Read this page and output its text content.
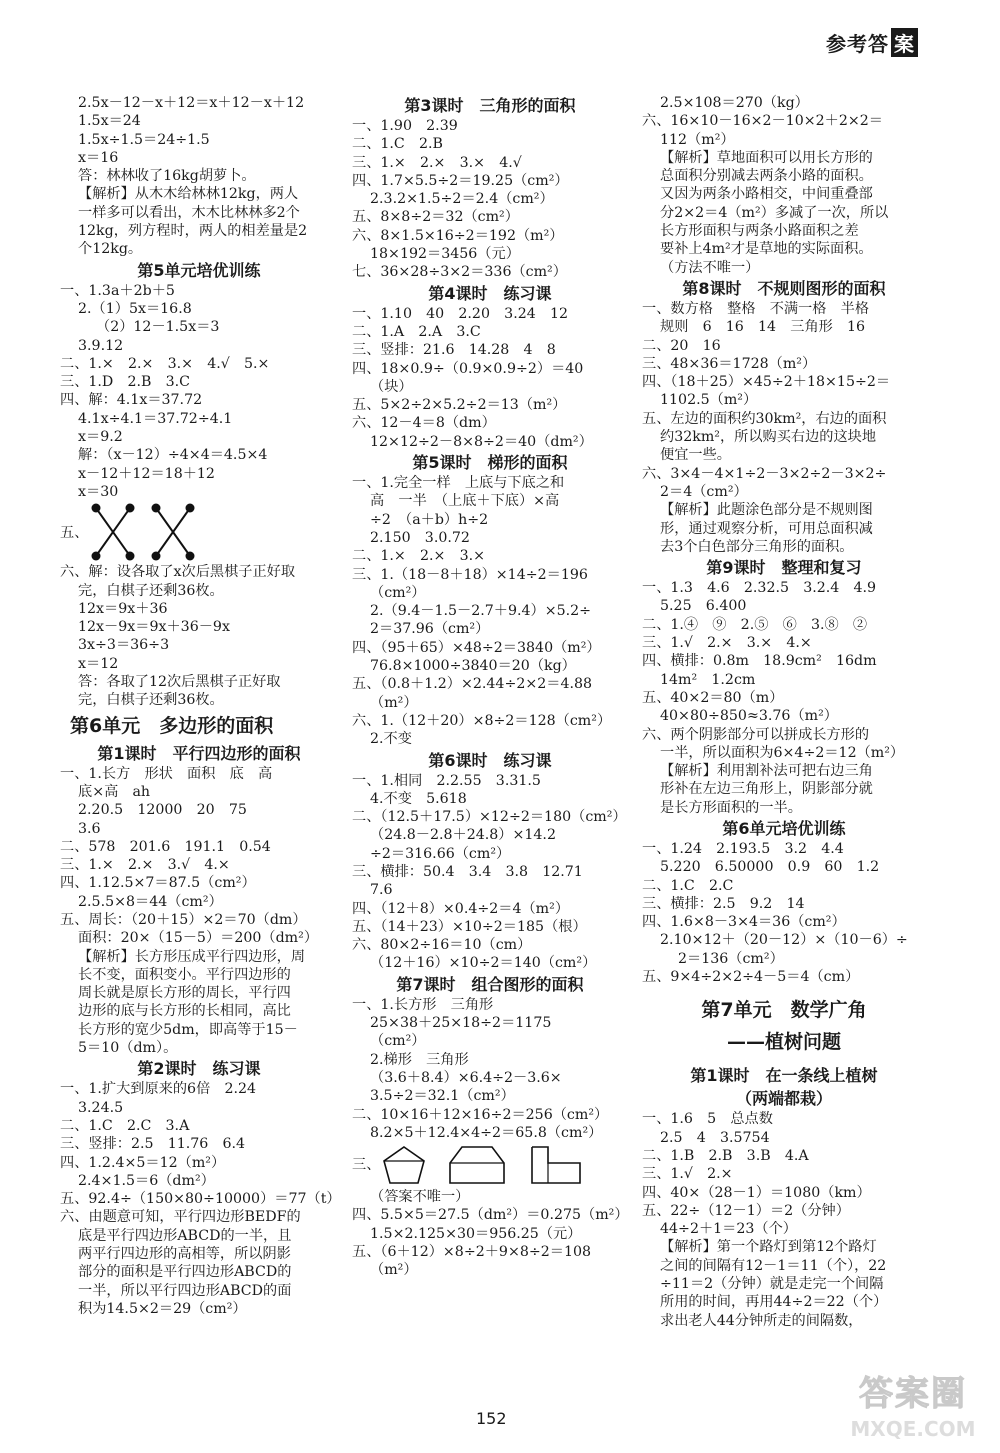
参考答 案
2.5x－12－x＋12＝x＋12－x＋12
1.5x＝24
1.5x÷1.5＝24÷1.5
x＝16
答：林林收了16kg胡萝卜。
【解析】从木木给林林12kg，两人
一样多可以看出，木木比林林多2个
12kg，列方程时，两人的相差量是2
个12kg。
第5单元培优训练
一、1.3a＋2b＋5
2.（1）5x＝16.8
（2）12－1.5x＝3
3.9.12
二、1.×　2.×　3.×　4.√　5.×
三、1.D　2.B　3.C
四、解：4.1x＝37.72
4.1x÷4.1＝37.72÷4.1
x＝9.2
解：（x－12）÷4×4＝4.5×4
x－12＋12＝18＋12
x＝30
五、
六、解：设各取了x次后黑棋子正好取
完，白棋子还剩36枚。
12x＝9x＋36
12x－9x＝9x＋36－9x
3x÷3＝36÷3
x＝12
答：各取了12次后黑棋子正好取
完，白棋子还剩36枚。
第6单元　多边形的面积
第1课时　平行四边形的面积
一、1.长方　形状　面积　底　高
底×高　ah
2.20.5　12000　20　75
3.6
二、578　201.6　191.1　0.54
三、1.×　2.×　3.√　4.×
四、1.12.5×7＝87.5（cm²）
2.5.5×8＝44（cm²）
五、周长：（20＋15）×2＝70（dm）
面积：20×（15－5）＝200（dm²）
【解析】长方形压成平行四边形，周
长不变，面积变小。平行四边形的
周长就是原长方形的周长，平行四
边形的底与长方形的长相同，高比
长方形的宽少5dm，即高等于15－
5＝10（dm）。
第2课时　练习课
一、1.扩大到原来的6倍　2.24
3.24.5
二、1.C　2.C　3.A
三、竖排：2.5　11.76　6.4
四、1.2.4×5＝12（m²）
2.4×1.5＝6（dm²）
五、92.4÷（150×80÷10000）＝77（t）
六、由题意可知，平行四边形BEDF的
底是平行四边形ABCD的一半，且
两平行四边形的高相等，所以阴影
部分的面积是平行四边形ABCD的
一半，所以平行四边形ABCD的面
积为14.5×2＝29（cm²）
第3课时　三角形的面积
一、1.90　2.39
二、1.C　2.B
三、1.×　2.×　3.×　4.√
四、1.7×5.5÷2＝19.25（cm²）
2.3.2×1.5÷2＝2.4（cm²）
五、8×8÷2＝32（cm²）
六、8×1.5×16÷2＝192（m²）
18×192＝3456（元）
七、36×28÷3×2＝336（cm²）
第4课时　练习课
一、1.10　40　2.20　3.24　12
二、1.A　2.A　3.C
三、竖排：21.6　14.28　4　8
四、18×0.9÷（0.9×0.9÷2）＝40
（块）
五、5×2÷2×5.2÷2＝13（m²）
六、12－4＝8（dm）
12×12÷2－8×8÷2＝40（dm²）
第5课时　梯形的面积
一、1.完全一样　上底与下底之和
高　一半　（上底＋下底）×高
÷2　（a＋b）h÷2
2.150　3.0.72
二、1.×　2.×　3.×
三、1.（18－8＋18）×14÷2＝196
（cm²）
2.（9.4－1.5－2.7＋9.4）×5.2÷
2＝37.96（cm²）
四、（95＋65）×48÷2＝3840（m²）
76.8×1000÷3840＝20（kg）
五、（0.8＋1.2）×2.44÷2×2＝4.88
（m²）
六、1.（12＋20）×8÷2＝128（cm²）
2.不变
第6课时　练习课
一、1.相同　2.2.55　3.31.5
4.不变　5.618
二、（12.5＋17.5）×12÷2＝180（cm²）
（24.8－2.8＋24.8）×14.2
÷2＝316.66（cm²）
三、横排：50.4　3.4　3.8　12.71
7.6
四、（12＋8）×0.4÷2＝4（m²）
五、（14＋23）×10÷2＝185（根）
六、80×2÷16＝10（cm）
（12＋16）×10÷2＝140（cm²）
第7课时　组合图形的面积
一、1.长方形　三角形
25×38＋25×18÷2＝1175
（cm²）
2.梯形　三角形
（3.6＋8.4）×6.4÷2－3.6×
3.5÷2＝32.1（cm²）
二、10×16＋12×16÷2＝256（cm²）
8.2×5＋12.4×4÷2＝65.8（cm²）
三、
（答案不唯一）
四、5.5×5＝27.5（dm²）＝0.275（m²）
1.5×2.125×30＝956.25（元）
五、（6＋12）×8÷2＋9×8÷2＝108
（m²）
2.5×108＝270（kg）
六、16×10－16×2－10×2＋2×2＝
112（m²）
【解析】草地面积可以用长方形的
总面积分别减去两条小路的面积。
又因为两条小路相交，中间重叠部
分2×2＝4（m²）多减了一次，所以
长方形面积与两条小路面积之差
要补上4m²才是草地的实际面积。
（方法不唯一）
第8课时　不规则图形的面积
一、数方格　整格　不满一格　半格
规则　6　16　14　三角形　16
二、20　16
三、48×36＝1728（m²）
四、（18＋25）×45÷2＋18×15÷2＝
1102.5（m²）
五、左边的面积约30km²，右边的面积
约32km²，所以购买右边的这块地
便宜一些。
六、3×4－4×1÷2－3×2÷2－3×2÷
2＝4（cm²）
【解析】此题涂色部分是不规则图
形，通过观察分析，可用总面积减
去3个白色部分三角形的面积。
第9课时　整理和复习
一、1.3　4.6　2.32.5　3.2.4　4.9
5.25　6.400
二、1.④　⑨　2.⑤　⑥　3.⑧　②
三、1.√　2.×　3.×　4.×
四、横排：0.8m　18.9cm²　16dm
14m²　1.2cm
五、40×2＝80（m）
40×80÷850≈3.76（m²）
六、两个阴影部分可以拼成长方形的
一半，所以面积为6×4÷2＝12（m²）
【解析】利用割补法可把右边三角
形补在左边三角形上，阴影部分就
是长方形面积的一半。
第6单元培优训练
一、1.24　2.193.5　3.2　4.4
5.220　6.50000　0.9　60　1.2
二、1.C　2.C
三、横排：2.5　9.2　14
四、1.6×8－3×4＝36（cm²）
2.10×12＋（20－12）×（10－6）÷
2＝136（cm²）
五、9×4÷2×2÷4－5＝4（cm）
第7单元　数学广角
——植树问题
第1课时　在一条线上植树
（两端都栽）
一、1.6　5　总点数
2.5　4　3.5754
二、1.B　2.B　3.B　4.A
三、1.√　2.×
四、40×（28－1）＝1080（km）
五、22÷（12－1）＝2（分钟）
44÷2＋1＝23（个）
【解析】第一个路灯到第12个路灯
之间的间隔有12－1＝11（个），22
÷11＝2（分钟）就是走完一个间隔
所用的时间，再用44÷2＝22（个）
求出老人44分钟所走的间隔数，
152
答案圈
MXQE.COM
